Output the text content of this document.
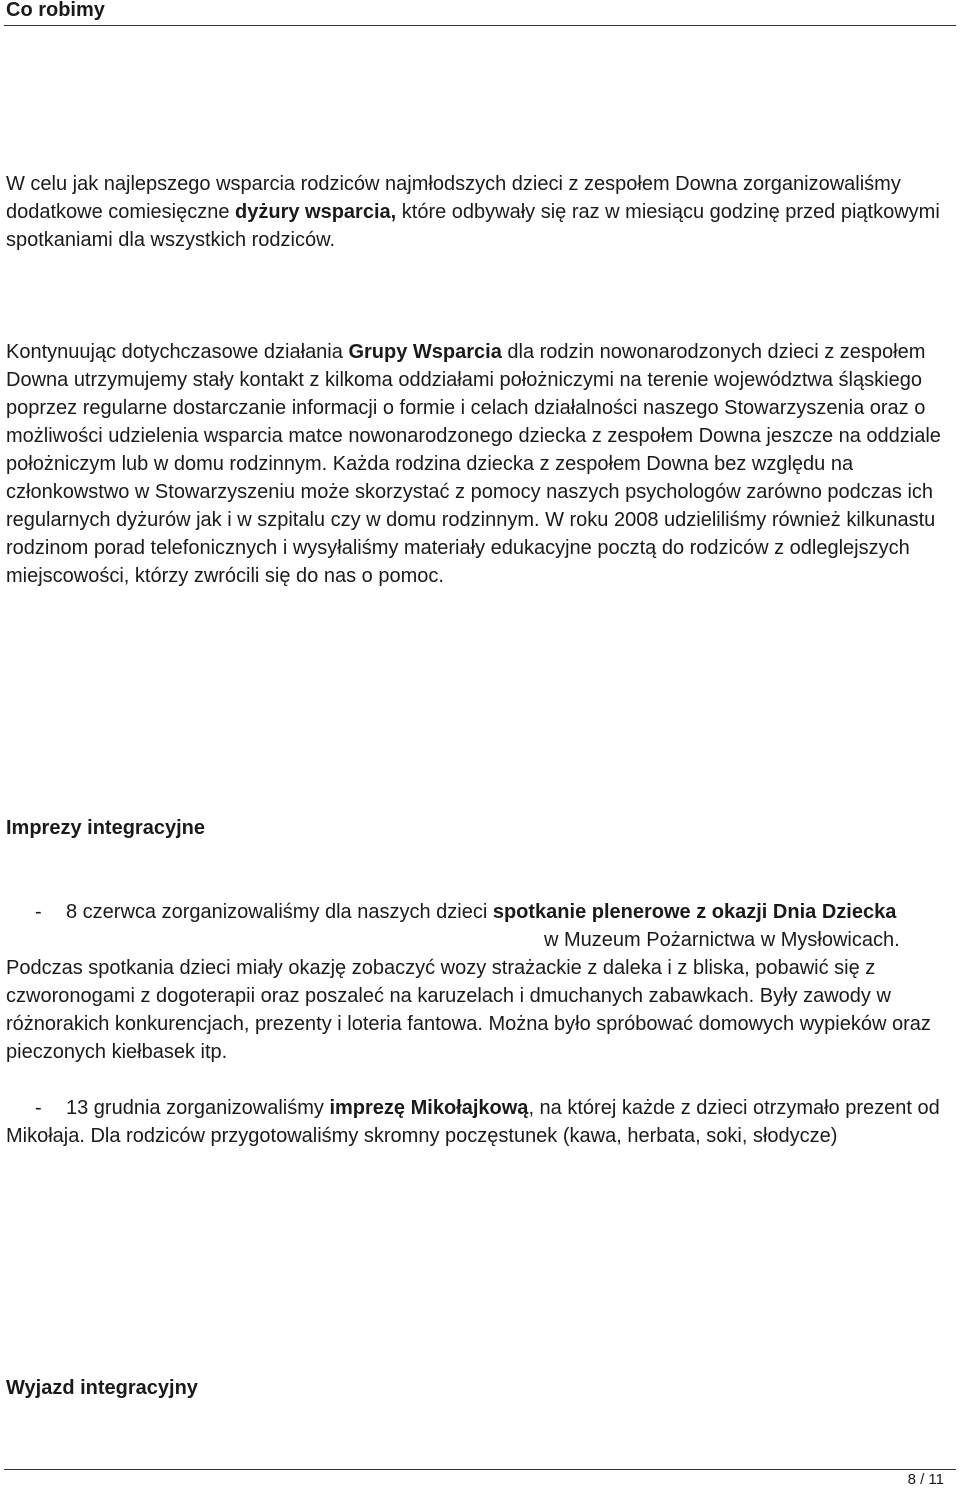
Co robimy

W celu jak najlepszego wsparcia rodziców najmłodszych dzieci z zespołem Downa zorganizowaliśmy dodatkowe comiesięczne dyżury wsparcia, które odbywały się raz w miesiącu godzinę przed piątkowymi spotkaniami dla wszystkich rodziców.

Kontynuując dotychczasowe działania Grupy Wsparcia dla rodzin nowonarodzonych dzieci z zespołem Downa utrzymujemy stały kontakt z kilkoma oddziałami położniczymi na terenie województwa śląskiego poprzez regularne dostarczanie informacji o formie i celach działalności naszego Stowarzyszenia oraz o możliwości udzielenia wsparcia matce nowonarodzonego dziecka z zespołem Downa jeszcze na oddziale położniczym lub w domu rodzinnym. Każda rodzina dziecka z zespołem Downa bez względu na członkowstwo w Stowarzyszeniu może skorzystać z pomocy naszych psychologów zarówno podczas ich regularnych dyżurów jak i w szpitalu czy w domu rodzinnym. W roku 2008 udzieliliśmy również kilkunastu rodzinom porad telefonicznych i wysyłaliśmy materiały edukacyjne pocztą do rodziców z odleglejszych miejscowości, którzy zwrócili się do nas o pomoc.

Imprezy integracyjne

- 8 czerwca zorganizowaliśmy dla naszych dzieci spotkanie plenerowe z okazji Dnia Dzieckaw Muzeum Pożarnictwa w Mysłowicach. Podczas spotkania dzieci miały okazję zobaczyć wozy strażackie z daleka i z bliska, pobawić się z czworonogami z dogoterapii oraz poszaleć na karuzelach i dmuchanych zabawkach. Były zawody w różnorakich konkurencjach, prezenty i loteria fantowa. Można było spróbować domowych wypieków oraz pieczonych kiełbasek itp.

- 13 grudnia zorganizowaliśmy imprezę Mikołajkową, na której każde z dzieci otrzymało prezent od Mikołaja. Dla rodziców przygotowaliśmy skromny poczęstunek (kawa, herbata, soki, słodycze)

Wyjazd integracyjny
8 / 11
